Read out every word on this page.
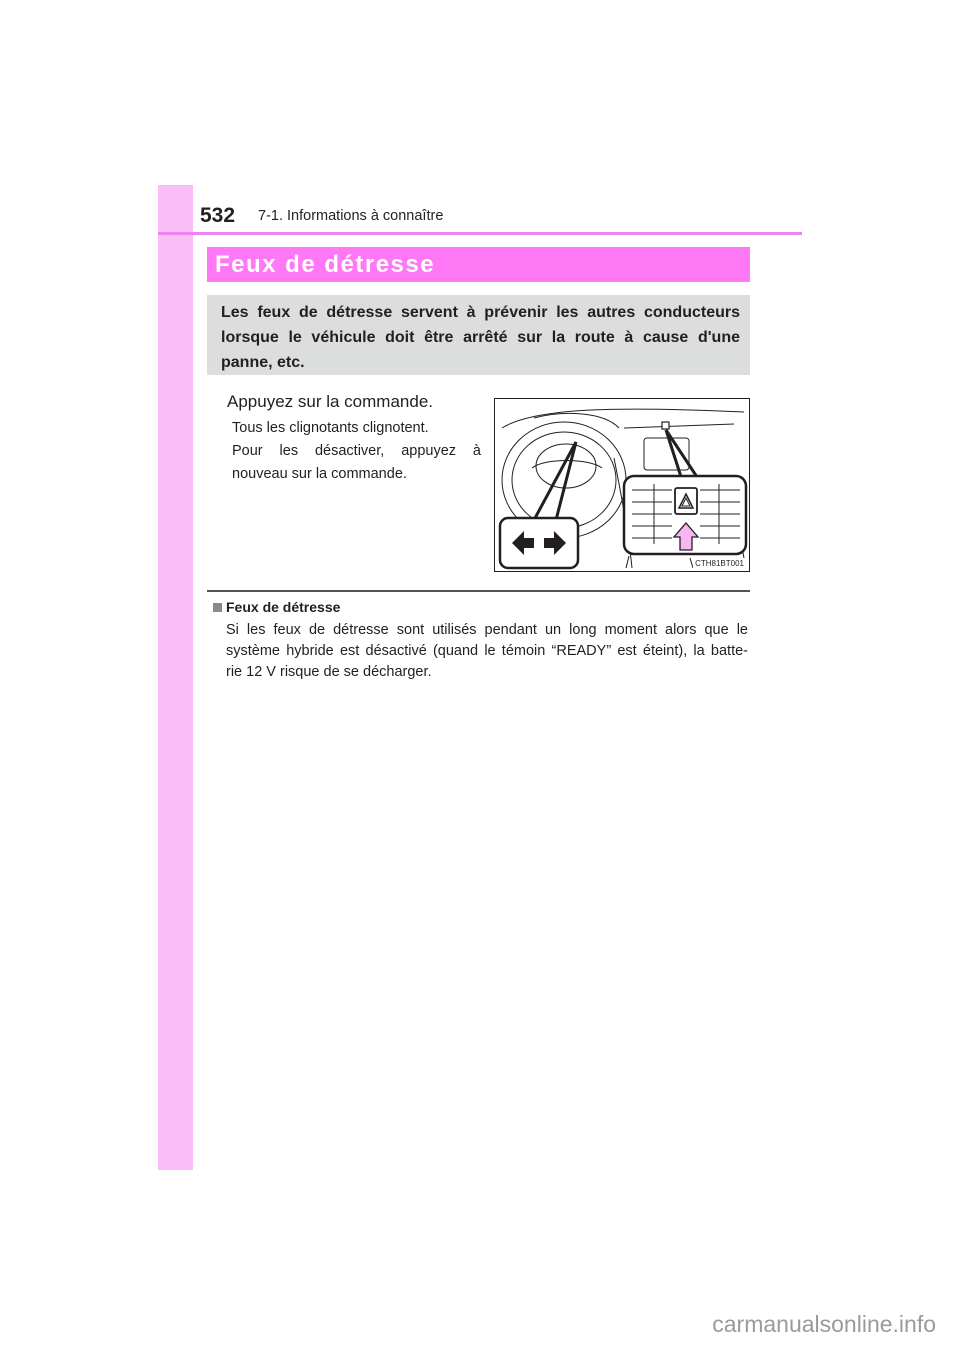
532 7-1. Informations à connaître
Feux de détresse
Les feux de détresse servent à prévenir les autres conducteurs
lorsque le véhicule doit être arrêté sur la route à cause d'une
panne, etc.
Appuyez sur la commande.
Tous les clignotants clignotent.
Pour les désactiver, appuyez à
nouveau sur la commande.
CTH81BT001
Feux de détresse
Si les feux de détresse sont utilisés pendant un long moment alors que le
système hybride est désactivé (quand le témoin “READY” est éteint), la batte-
rie 12 V risque de se décharger.
carmanualsonline.info
